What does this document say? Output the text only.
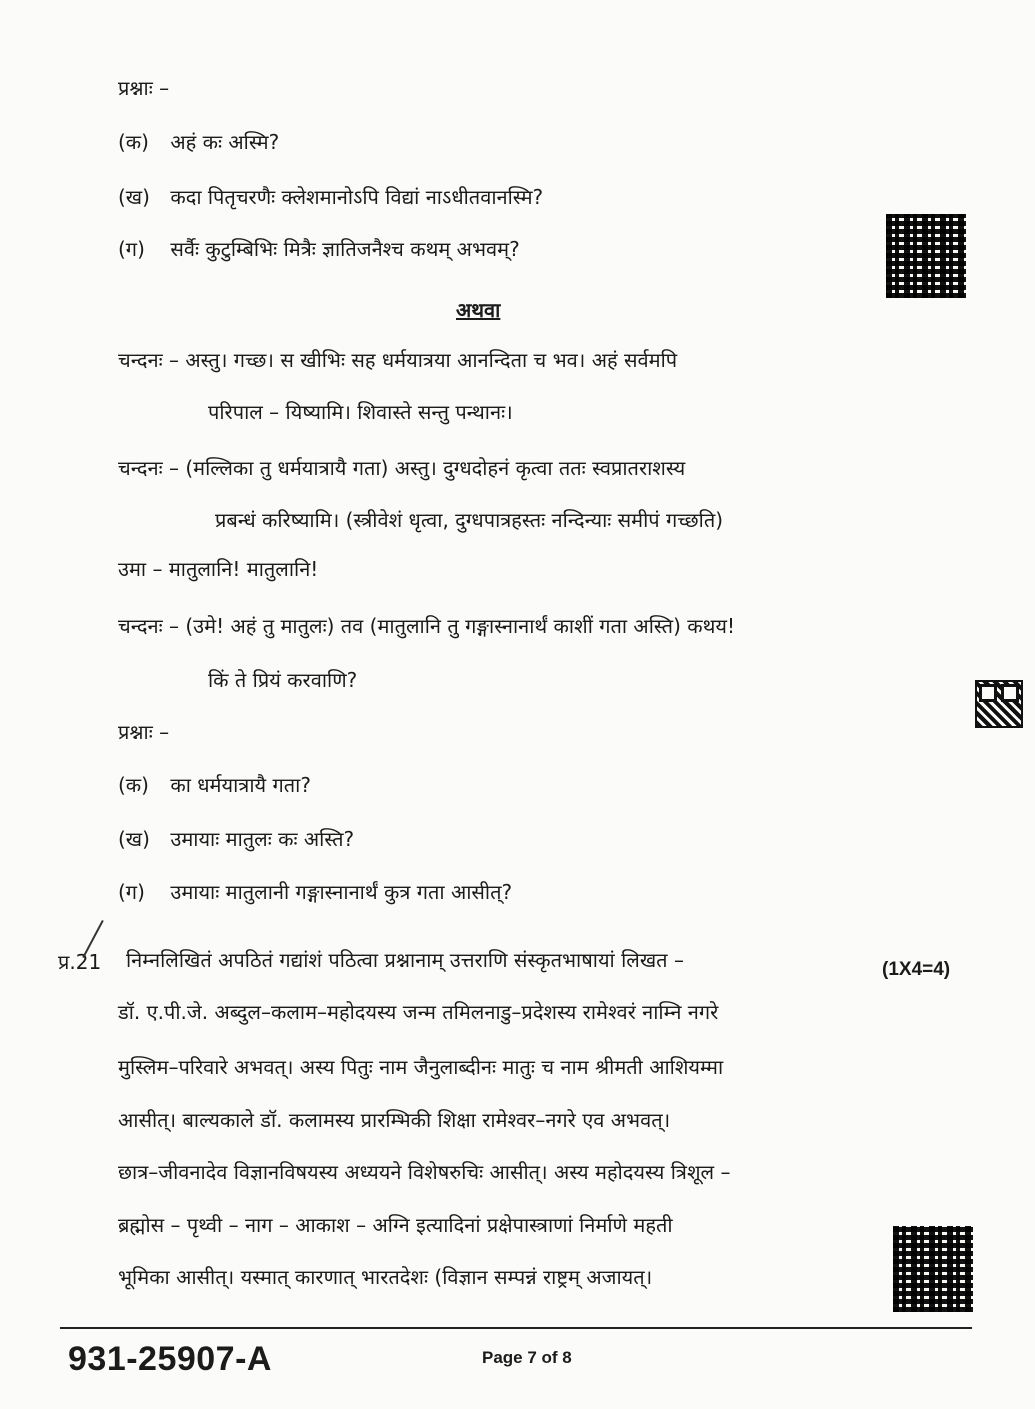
प्रश्नाः –
(क) अहं कः अस्मि?
(ख) कदा पितृचरणैः क्लेशमानोऽपि विद्यां नाऽधीतवानस्मि?
(ग) सर्वैः कुटुम्बिभिः मित्रैः ज्ञातिजनैश्च कथम् अभवम्?
अथवा
चन्दनः – अस्तु। गच्छ। स खीभिः सह धर्मयात्रया आनन्दिता च भव। अहं सर्वमपि
परिपाल – यिष्यामि। शिवास्ते सन्तु पन्थानः।
चन्दनः – (मल्लिका तु धर्मयात्रायै गता) अस्तु। दुग्धदोहनं कृत्वा ततः स्वप्रातराशस्य
प्रबन्धं करिष्यामि। (स्त्रीवेशं धृत्वा, दुग्धपात्रहस्तः नन्दिन्याः समीपं गच्छति)
उमा – मातुलानि! मातुलानि!
चन्दनः – (उमे! अहं तु मातुलः) तव (मातुलानि तु गङ्गास्नानार्थं काशीं गता अस्ति) कथय!
किं ते प्रियं करवाणि?
प्रश्नाः –
(क) का धर्मयात्रायै गता?
(ख) उमायाः मातुलः कः अस्ति?
(ग) उमायाः मातुलानी गङ्गास्नानार्थं कुत्र गता आसीत्?
प्र.21 निम्नलिखितं अपठितं गद्यांशं पठित्वा प्रश्नानाम् उत्तराणि संस्कृतभाषायां लिखत –	(1X4=4)
डॉ. ए.पी.जे. अब्दुल–कलाम–महोदयस्य जन्म तमिलनाडु–प्रदेशस्य रामेश्वरं नाम्नि नगरे
मुस्लिम–परिवारे अभवत्। अस्य पितुः नाम जैनुलाब्दीनः मातुः च नाम श्रीमती आशियम्मा
आसीत्। बाल्यकाले डॉ. कलामस्य प्रारम्भिकी शिक्षा रामेश्वर–नगरे एव अभवत्।
छात्र–जीवनादेव विज्ञानविषयस्य अध्ययने विशेषरुचिः आसीत्। अस्य महोदयस्य त्रिशूल –
ब्रह्मोस – पृथ्वी – नाग – आकाश – अग्नि इत्यादिनां प्रक्षेपास्त्राणां निर्माणे महती
भूमिका आसीत्। यस्मात् कारणात् भारतदेशः (विज्ञान सम्पन्नं राष्ट्रम् अजायत्।
931-25907-A	Page 7 of 8
